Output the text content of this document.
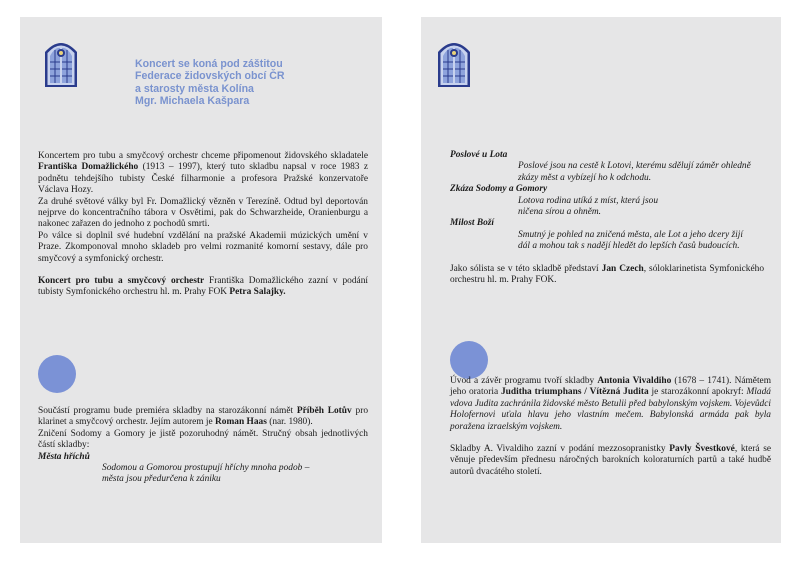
Koncert se koná pod záštitou
Federace židovských obcí ČR
a starosty města Kolína
Mgr. Michaela Kašpara

Koncertem pro tubu a smyčcový orchestr chceme připomenout židovského skladatele Františka Domažlického (1913 – 1997), který tuto skladbu napsal v roce 1983 z podnětu tehdejšího tubisty České filharmonie a profesora Pražské konzervatoře Václava Hozy.

Za druhé světové války byl Fr. Domažlický vězněn v Terezíně. Odtud byl deportován nejprve do koncentračního tábora v Osvětimi, pak do Schwarzheide, Oranienburgu a nakonec zařazen do jednoho z pochodů smrti.

Po válce si doplnil své hudební vzdělání na pražské Akademii múzických umění v Praze. Zkomponoval mnoho skladeb pro velmi rozmanité komorní sestavy, dále pro smyčcový a symfonický orchestr.

Koncert pro tubu a smyčcový orchestr Františka Domažlického zazní v podání tubisty Symfonického orchestru hl. m. Prahy FOK Petra Salajky.

Součástí programu bude premiéra skladby na starozákonní námět Příběh Lotův pro klarinet a smyčcový orchestr. Jejím autorem je Roman Haas (nar. 1980).

Zničení Sodomy a Gomory je jistě pozoruhodný námět. Stručný obsah jednotlivých částí skladby:

Města hříchů

Sodomou a Gomorou prostupují hříchy mnoha podob – města jsou předurčena k zániku

Poslové u Lota

Poslové jsou na cestě k Lotovi, kterému sdělují záměr ohledně zkázy měst a vybízejí ho k odchodu.

Zkáza Sodomy a Gomory

Lotova rodina utíká z míst, která jsou ničena sírou a ohněm.

Milost Boží

Smutný je pohled na zničená města, ale Lot a jeho dcery žijí dál a mohou tak s nadějí hledět do lepších časů budoucích.

Jako sólista se v této skladbě představí Jan Czech, sóloklarinetista Symfonického orchestru hl. m. Prahy FOK.

Úvod a závěr programu tvoří skladby Antonia Vivaldiho (1678 – 1741). Námětem jeho oratoria Juditha triumphans / Vítězná Judita je starozákonní apokryf: Mladá vdova Judita zachránila židovské město Betulii před babylonským vojskem. Vojevůdci Holofernovi uťala hlavu jeho vlastním mečem. Babylonská armáda pak byla poražena izraelským vojskem.

Skladby A. Vivaldiho zazní v podání mezzosopranistky Pavly Švestkové, která se věnuje především přednesu náročných barokních koloraturních partů a také hudbě autorů dvacátého století.
